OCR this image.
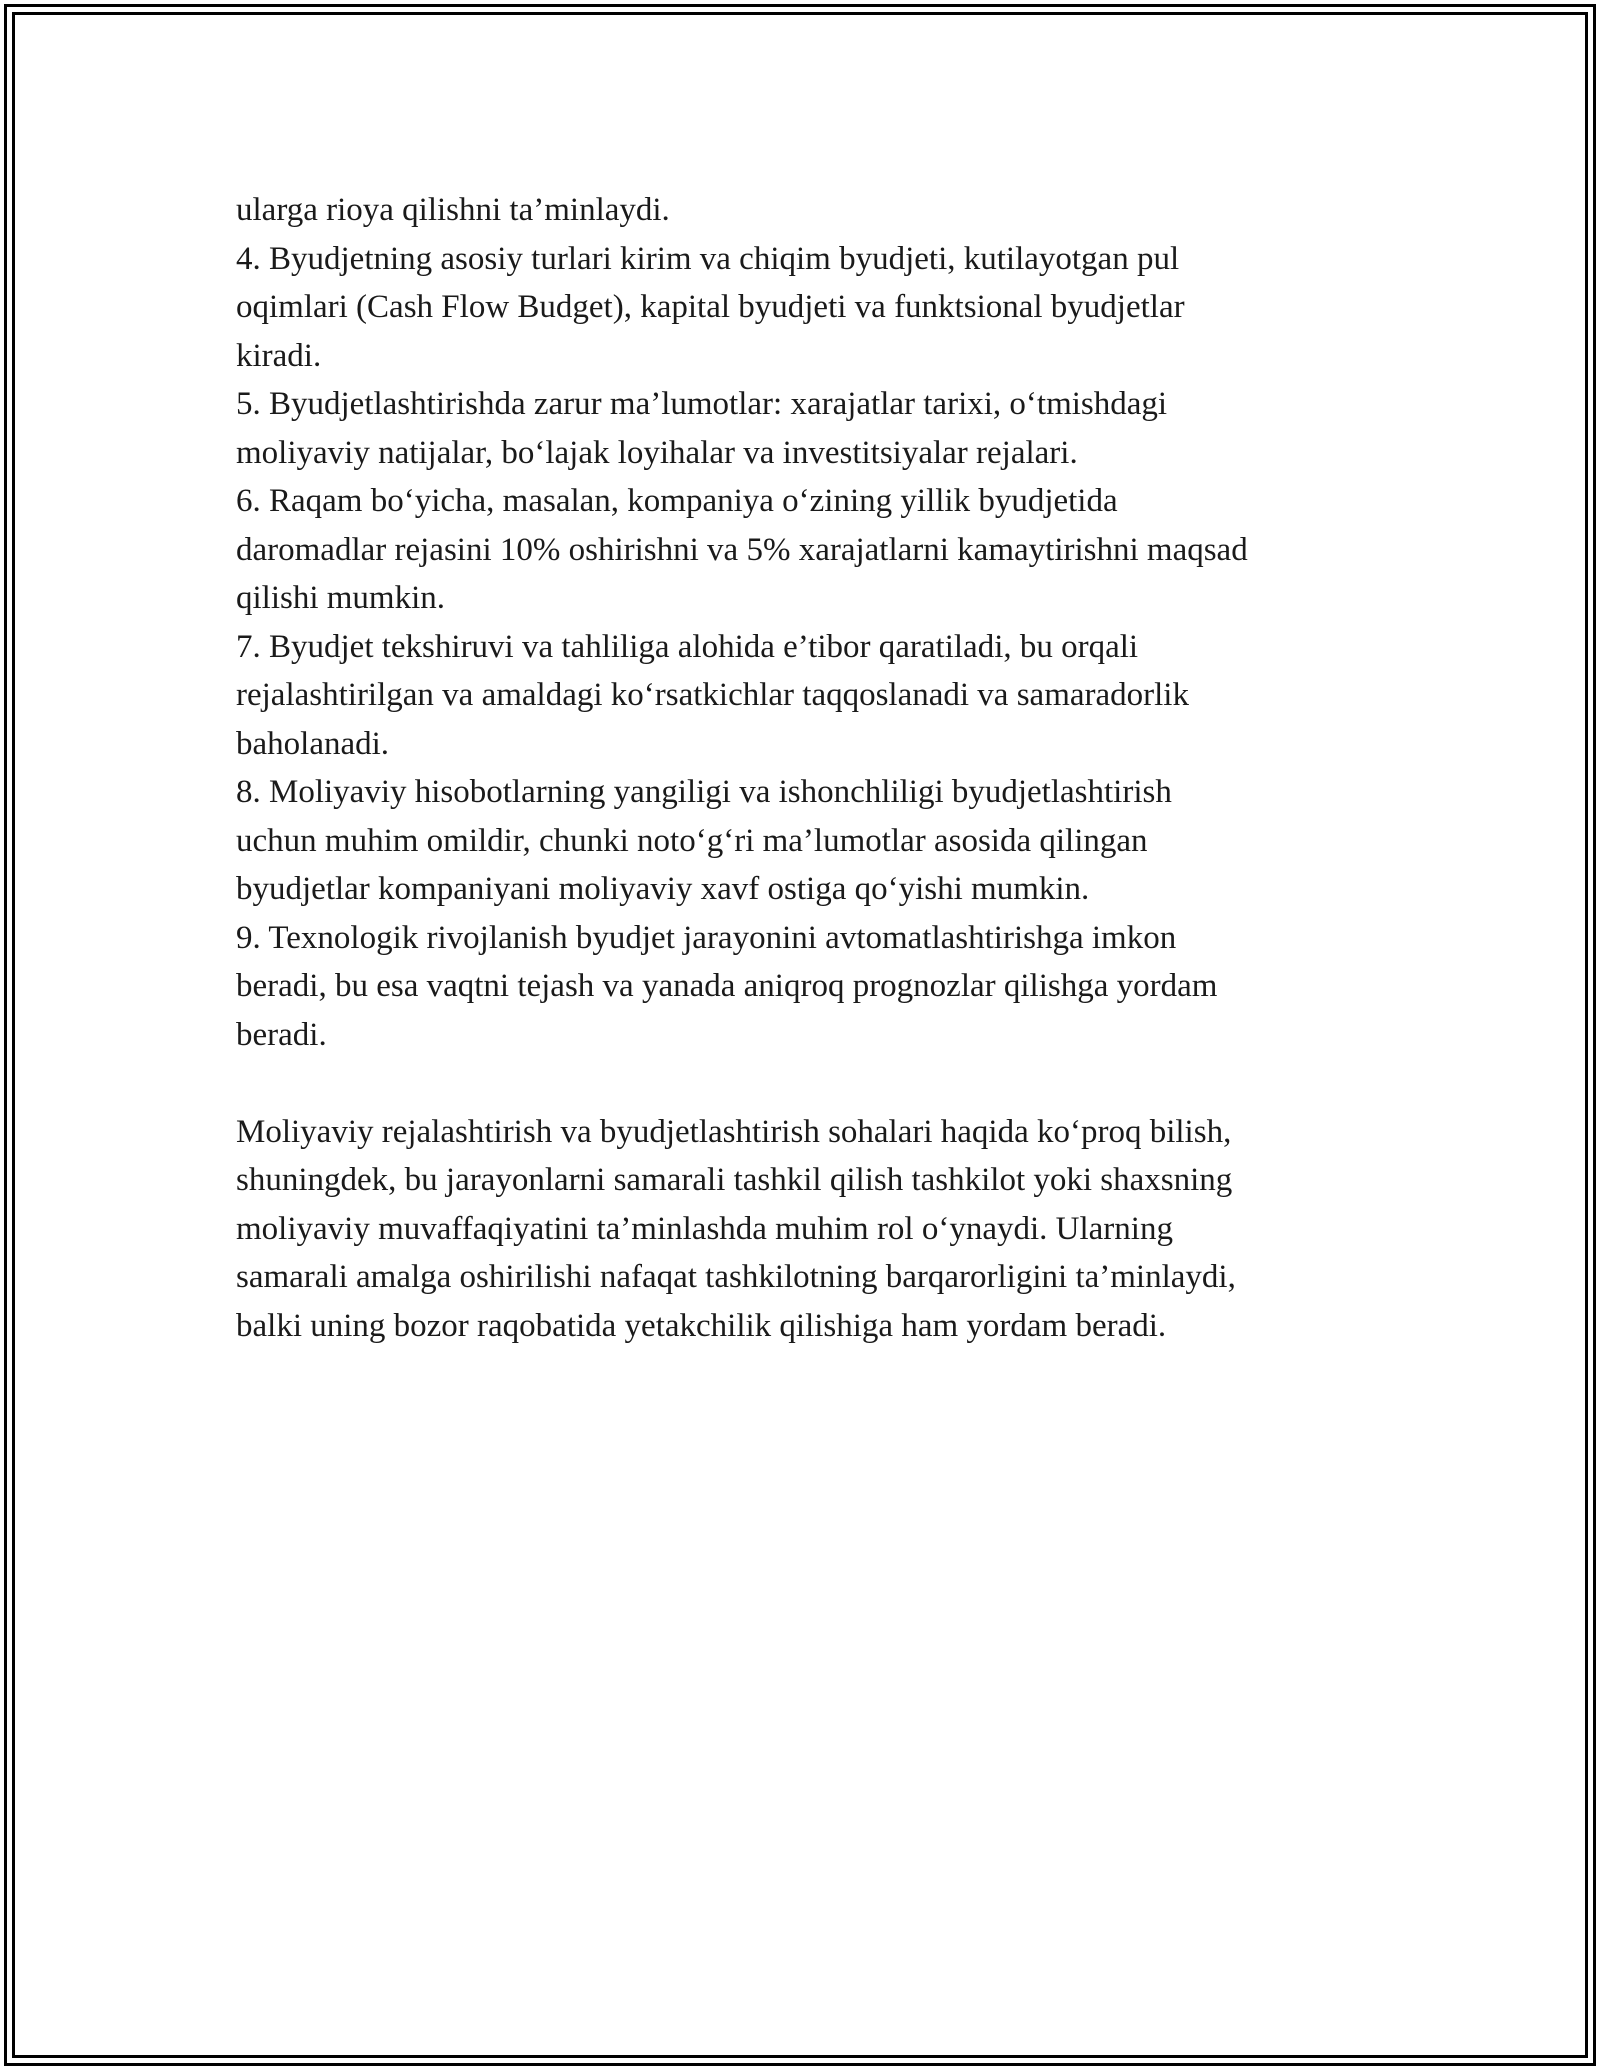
ularga rioya qilishni ta’minlaydi.

4. Byudjetning asosiy turlari kirim va chiqim byudjeti, kutilayotgan pul

oqimlari (Cash Flow Budget), kapital byudjeti va funktsional byudjetlar

kiradi.

5. Byudjetlashtirishda zarur ma’lumotlar: xarajatlar tarixi, o‘tmishdagi

moliyaviy natijalar, bo‘lajak loyihalar va investitsiyalar rejalari.

6. Raqam bo‘yicha, masalan, kompaniya o‘zining yillik byudjetida

daromadlar rejasini 10% oshirishni va 5% xarajatlarni kamaytirishni maqsad

qilishi mumkin.

7. Byudjet tekshiruvi va tahliliga alohida e’tibor qaratiladi, bu orqali

rejalashtirilgan va amaldagi ko‘rsatkichlar taqqoslanadi va samaradorlik

baholanadi.

8. Moliyaviy hisobotlarning yangiligi va ishonchliligi byudjetlashtirish

uchun muhim omildir, chunki noto‘g‘ri ma’lumotlar asosida qilingan

byudjetlar kompaniyani moliyaviy xavf ostiga qo‘yishi mumkin.

9. Texnologik rivojlanish byudjet jarayonini avtomatlashtirishga imkon

beradi, bu esa vaqtni tejash va yanada aniqroq prognozlar qilishga yordam

beradi.

Moliyaviy rejalashtirish va byudjetlashtirish sohalari haqida ko‘proq bilish,

shuningdek, bu jarayonlarni samarali tashkil qilish tashkilot yoki shaxsning

moliyaviy muvaffaqiyatini ta’minlashda muhim rol o‘ynaydi. Ularning

samarali amalga oshirilishi nafaqat tashkilotning barqarorligini ta’minlaydi,

balki uning bozor raqobatida yetakchilik qilishiga ham yordam beradi.
